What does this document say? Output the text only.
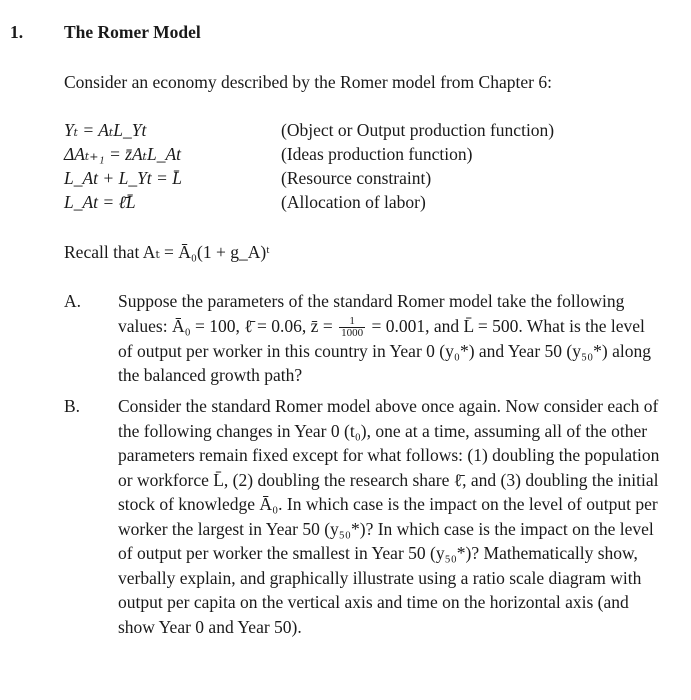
1. The Romer Model
Consider an economy described by the Romer model from Chapter 6:
Yₜ = AₜL_Yt	(Object or Output production function)
ΔAₜ₊₁ = z̄AₜL_At	(Ideas production function)
L_At + L_Yt = L̄	(Resource constraint)
L_At = ℓ̄L̄	(Allocation of labor)
Recall that Aₜ = Ā₀(1 + g_A)ᵗ
A. Suppose the parameters of the standard Romer model take the following values: Ā₀ = 100, ℓ̄ = 0.06, z̄ = $\frac{1}{1000} = 0.001$, and L̄ = 500. What is the level of output per worker in this country in Year 0 (y₀*) and Year 50 (y₅₀*) along the balanced growth path?
B. Consider the standard Romer model above once again. Now consider each of the following changes in Year 0 (t₀), one at a time, assuming all of the other parameters remain fixed except for what follows: (1) doubling the population or workforce L̄, (2) doubling the research share ℓ̄, and (3) doubling the initial stock of knowledge Ā₀. In which case is the impact on the level of output per worker the largest in Year 50 (y₅₀*)? In which case is the impact on the level of output per worker the smallest in Year 50 (y₅₀*)? Mathematically show, verbally explain, and graphically illustrate using a ratio scale diagram with output per capita on the vertical axis and time on the horizontal axis (and show Year 0 and Year 50).
